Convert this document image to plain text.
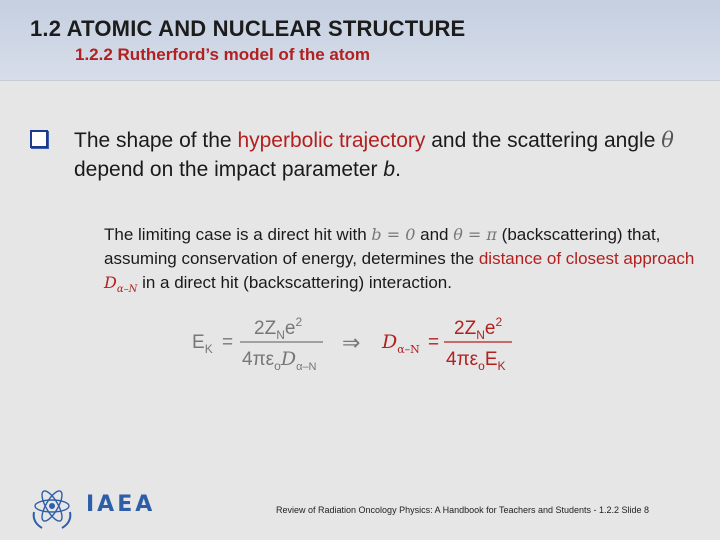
1.2 ATOMIC AND NUCLEAR STRUCTURE
1.2.2 Rutherford’s model of the atom
The shape of the hyperbolic trajectory and the scattering angle θ depend on the impact parameter b.
The limiting case is a direct hit with b = 0 and θ = π (backscattering) that, assuming conservation of energy, determines the distance of closest approach $D_{\alpha-N}$ in a direct hit (backscattering) interaction.
$E_K$ =
$2Z_Ne^2$
$4\pi\varepsilon_oD_{\alpha-N}$
⇒ $D_{\alpha-N}$ =
$2Z_Ne^2$
$4\pi\varepsilon_oE_K$
IAEA	Review of Radiation Oncology Physics: A Handbook for Teachers and Students - 1.2.2 Slide 8
